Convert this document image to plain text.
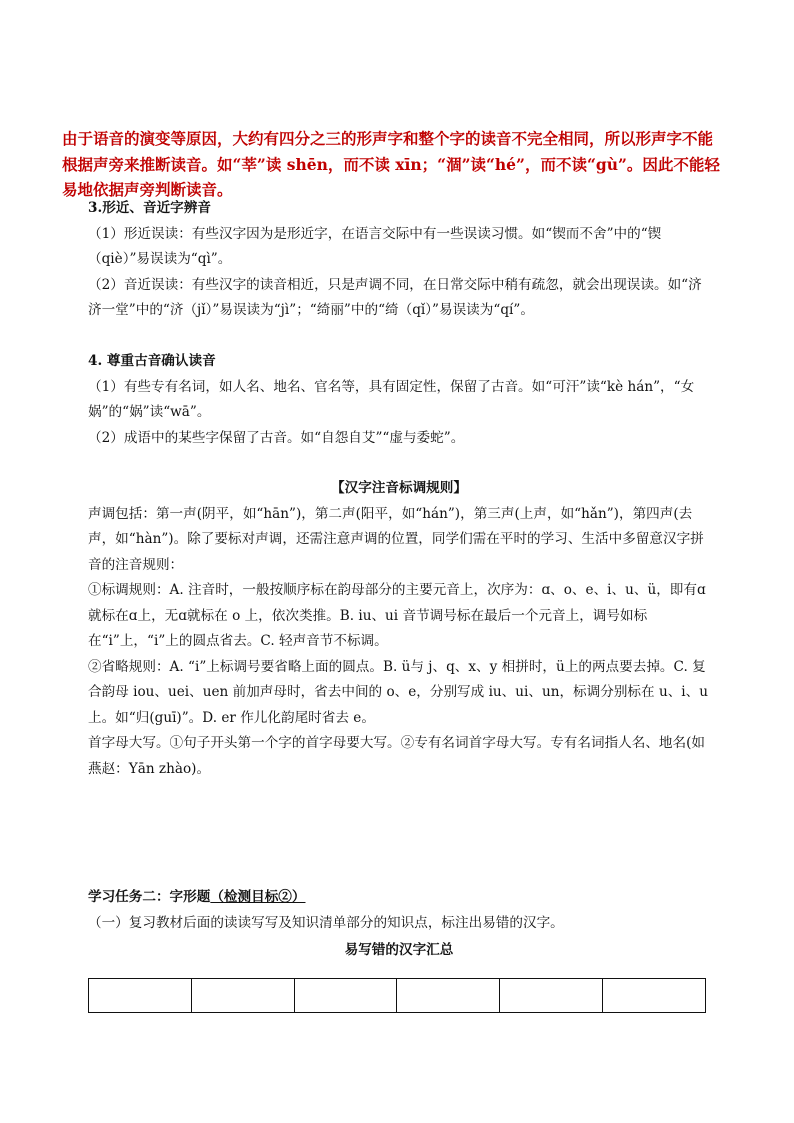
由于语音的演变等原因，大约有四分之三的形声字和整个字的读音不完全相同，所以形声字不能根据声旁来推断读音。如“莘”读 shēn，而不读 xīn；“涸”读“hé”，而不读“gù”。因此不能轻易地依据声旁判断读音。

3.形近、音近字辨音

（1）形近误读：有些汉字因为是形近字，在语言交际中有一些误读习惯。如“锲而不舍”中的“锲（qiè）”易误读为“qì”。

（2）音近误读：有些汉字的读音相近，只是声调不同，在日常交际中稍有疏忽，就会出现误读。如“济济一堂”中的“济（jǐ）”易误读为“jì”；“绮丽”中的“绮（qǐ）”易误读为“qí”。

4. 尊重古音确认读音

（1）有些专有名词，如人名、地名、官名等，具有固定性，保留了古音。如“可汗”读“kè hán”，“女娲”的“娲”读“wā”。

（2）成语中的某些字保留了古音。如“自怨自艾”“虚与委蛇”。

【汉字注音标调规则】

声调包括：第一声(阴平，如“hān”)，第二声(阳平，如“hán”)，第三声(上声，如“hǎn”)，第四声(去声，如“hàn”)。除了要标对声调，还需注意声调的位置，同学们需在平时的学习、生活中多留意汉字拼音的注音规则：

①标调规则：A. 注音时，一般按顺序标在韵母部分的主要元音上，次序为：ɑ、o、e、i、u、ü，即有ɑ就标在ɑ上，无ɑ就标在 o 上，依次类推。B. iu、ui 音节调号标在最后一个元音上，调号如标在“i”上，“i”上的圆点省去。C. 轻声音节不标调。

②省略规则：A. “i”上标调号要省略上面的圆点。B. ü与 j、q、x、y 相拼时，ü上的两点要去掉。C. 复合韵母 iou、uei、uen 前加声母时，省去中间的 o、e，分别写成 iu、ui、un，标调分别标在 u、i、u 上。如“归(guī)”。D. er 作儿化韵尾时省去 e。

首字母大写。①句子开头第一个字的首字母要大写。②专有名词首字母大写。专有名词指人名、地名(如燕赵：Yān zhào)。

学习任务二：字形题（检测目标②）

（一）复习教材后面的读读写写及知识清单部分的知识点，标注出易错的汉字。

易写错的汉字汇总
